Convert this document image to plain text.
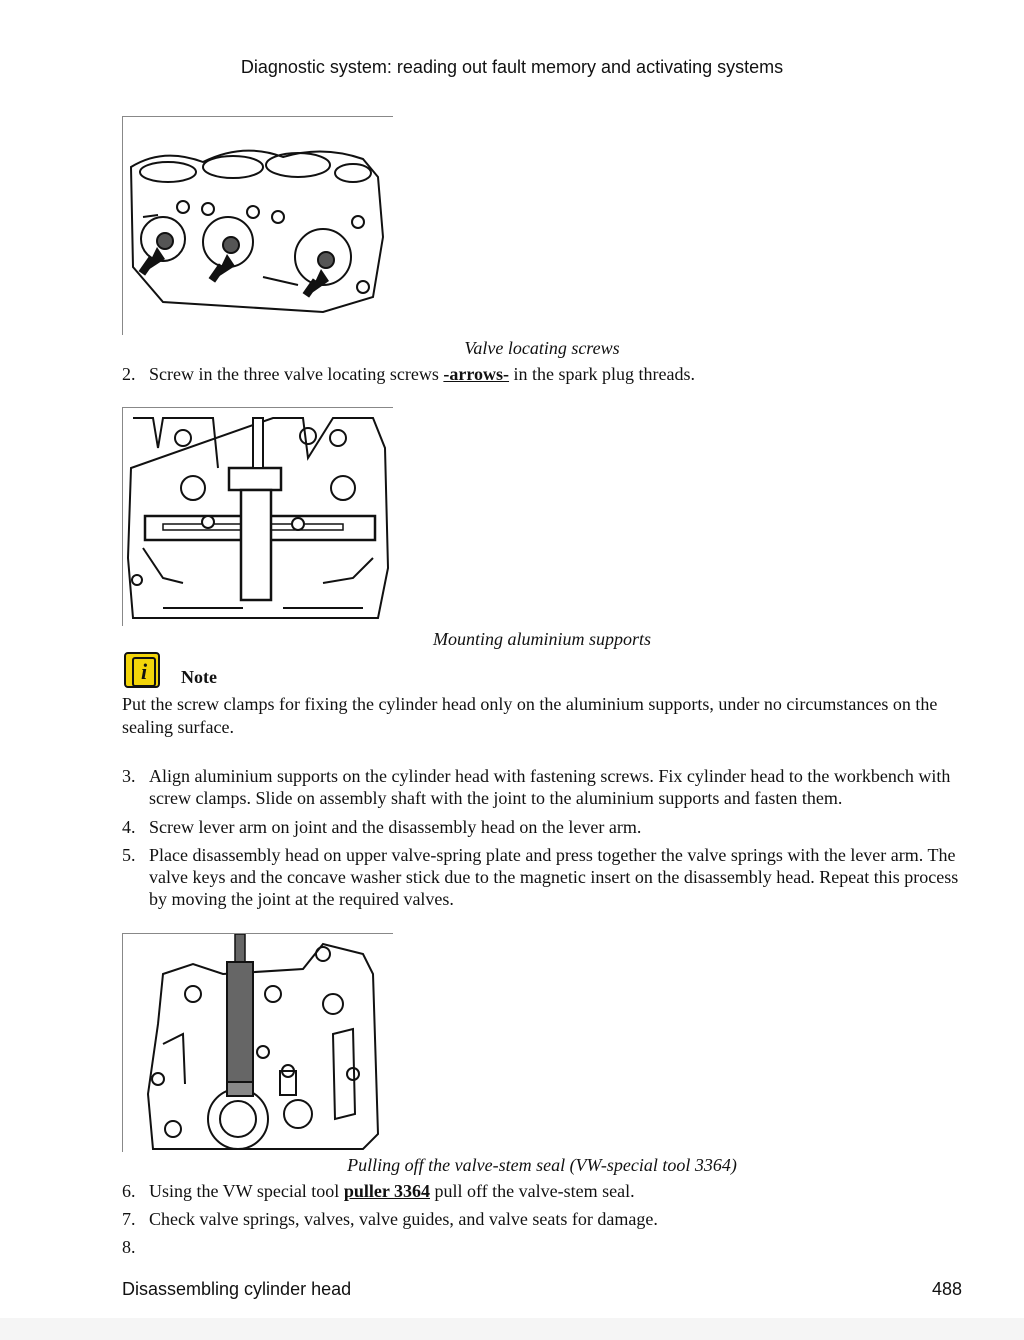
Diagnostic system: reading out fault memory and activating systems
Valve locating screws
2. Screw in the three valve locating screws -arrows- in the spark plug threads.
Mounting aluminium supports
i	Note
Put the screw clamps for fixing the cylinder head only on the aluminium supports, under no circumstances on the sealing surface.
3. Align aluminium supports on the cylinder head with fastening screws. Fix cylinder head to the workbench with screw clamps. Slide on assembly shaft with the joint to the aluminium supports and fasten them.
4. Screw lever arm on joint and the disassembly head on the lever arm.
5. Place disassembly head on upper valve-spring plate and press together the valve springs with the lever arm. The valve keys and the concave washer stick due to the magnetic insert on the disassembly head. Repeat this process by moving the joint at the required valves.
Pulling off the valve-stem seal (VW-special tool 3364)
6. Using the VW special tool puller 3364 pull off the valve-stem seal.
7. Check valve springs, valves, valve guides, and valve seats for damage.
8.
Disassembling cylinder head	488
